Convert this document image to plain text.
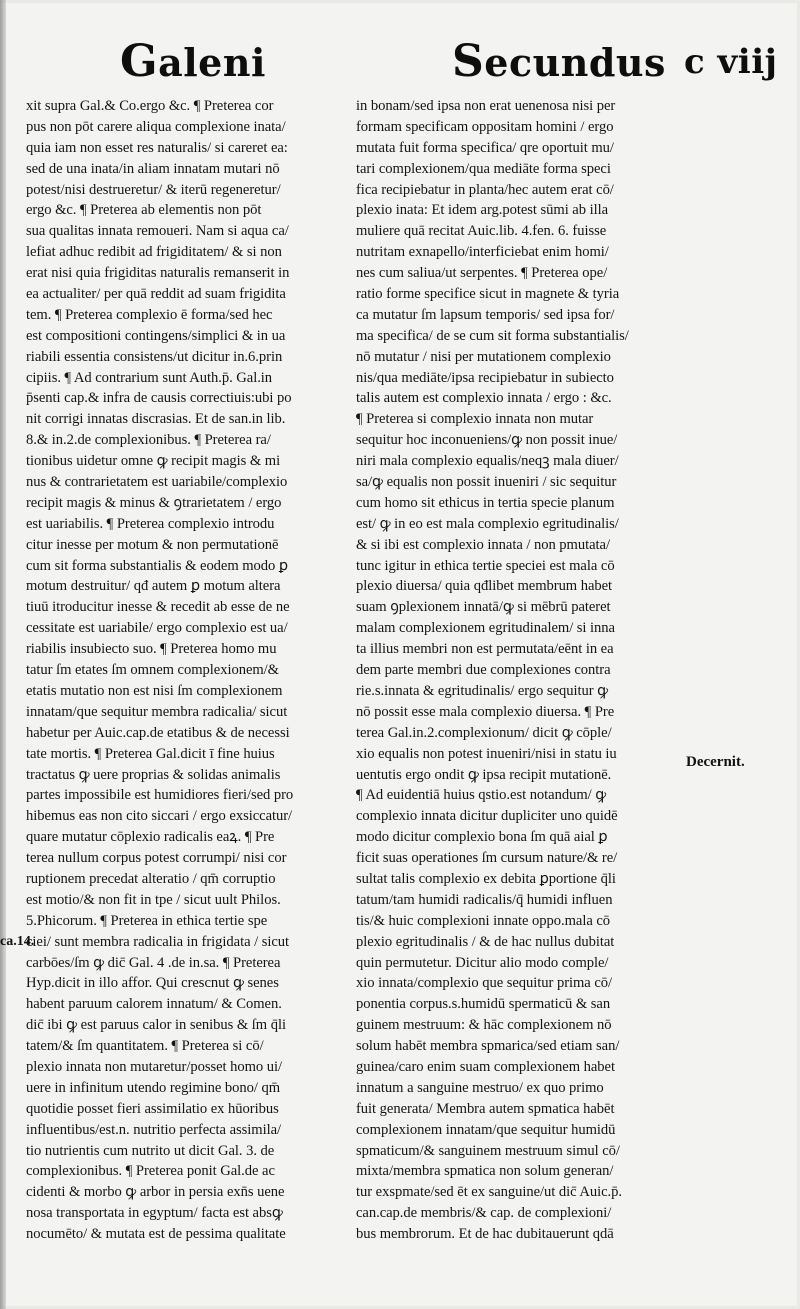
Galeni	Secundus c viij
xit supra Gal.& Co.ergo &c. ¶ Preterea cor
pus non pōt carere aliqua complexione inata/
quia iam non esset res naturalis/ si careret ea:
sed de una inata/in aliam innatam mutari nō
potest/nisi destrueretur/ & iterū regeneretur/
ergo &c. ¶ Preterea ab elementis non pōt
sua qualitas innata remoueri. Nam si aqua ca/
lefiat adhuc redibit ad frigiditatem/ & si non
erat nisi quia frigiditas naturalis remanserit in
ea actualiter/ per quā reddit ad suam frigidita
tem. ¶ Preterea complexio ē forma/sed hec
est compositioni contingens/simplici & in ua
riabili essentia consistens/ut dicitur in.6.prin
cipiis. ¶ Ad contrarium sunt Auth.p̄. Gal.in
p̄senti cap.& infra de causis correctiuis:ubi po
nit corrigi innatas discrasias. Et de san.in lib.
8.& in.2.de complexionibus. ¶ Preterea ra/
tionibus uidetur omne ꝙ recipit magis & mi
nus & contrarietatem est uariabile/complexio
recipit magis & minus & ꝯtrarietatem / ergo
est uariabilis. ¶ Preterea complexio introdu
citur inesse per motum & non permutationē
cum sit forma substantialis & eodem modo ꝑ
motum destruitur/ qđ autem ꝑ motum altera
tiuū itroducitur inesse & recedit ab esse de ne
cessitate est uariabile/ ergo complexio est ua/
riabilis insubiecto suo. ¶ Preterea homo mu
tatur ſm etates ſm omnem complexionem/&
etatis mutatio non est nisi ſm complexionem
innatam/que sequitur membra radicalia/ sicut
habetur per Auic.cap.de etatibus & de necessi
tate mortis. ¶ Preterea Gal.dicit ī fine huius
tractatus ꝙ uere proprias & solidas animalis
partes impossibile est humidiores fieri/sed pro
hibemus eas non cito siccari / ergo exsiccatur/
quare mutatur cōplexio radicalis eaꝝ. ¶ Pre
terea nullum corpus potest corrumpi/ nisi cor
ruptionem precedat alteratio / qm̄ corruptio
est motio/& non fit in tpe / sicut uult Philos.
5.Phicorum. ¶ Preterea in ethica tertie spe
ciei/ sunt membra radicalia in frigidata / sicut
carbōes/ſm ꝙ dic̄ Gal. 4 .de in.sa. ¶ Preterea
Hyp.dicit in illo affor. Qui crescnut ꝙ senes
habent paruum calorem innatum/ & Comen.
dic̄ ibi ꝙ est paruus calor in senibus & ſm q̄li
tatem/& ſm quantitatem. ¶ Preterea si cō/
plexio innata non mutaretur/posset homo ui/
uere in infinitum utendo regimine bono/ qm̄
quotidie posset fieri assimilatio ex hūoribus
influentibus/est.n. nutritio perfecta assimila/
tio nutrientis cum nutrito ut dicit Gal. 3. de
complexionibus. ¶ Preterea ponit Gal.de ac
cidenti & morbo ꝙ arbor in persia exn̄s uene
nosa transportata in egyptum/ facta est absꝙ
nocumēto/ & mutata est de pessima qualitate
in bonam/sed ipsa non erat uenenosa nisi per
formam specificam oppositam homini / ergo
mutata fuit forma specifica/ qre oportuit mu/
tari complexionem/qua mediāte forma speci
fica recipiebatur in planta/hec autem erat cō/
plexio inata: Et idem arg.potest sūmi ab illa
muliere quā recitat Auic.lib. 4.fen. 6. fuisse
nutritam exnapello/interficiebat enim homi/
nes cum saliua/ut serpentes. ¶ Preterea ope/
ratio forme specifice sicut in magnete & tyria
ca mutatur ſm lapsum temporis/ sed ipsa for/
ma specifica/ de se cum sit forma substantialis/
nō mutatur / nisi per mutationem complexio
nis/qua mediāte/ipsa recipiebatur in subiecto
talis autem est complexio innata / ergo : &c.
¶ Preterea si complexio innata non mutar
sequitur hoc inconueniens/ꝙ non possit inue/
niri mala complexio equalis/neqꝫ mala diuer/
sa/ꝙ equalis non possit inueniri / sic sequitur
cum homo sit ethicus in tertia specie planum
est/ ꝙ in eo est mala complexio egritudinalis/
& si ibi est complexio innata / non pmutata/
tunc igitur in ethica tertie speciei est mala cō
plexio diuersa/ quia qđlibet membrum habet
suam ꝯplexionem innatā/ꝙ si mēbrū pateret
malam complexionem egritudinalem/ si inna
ta illius membri non est permutata/eēnt in ea
dem parte membri due complexiones contra
rie.s.innata & egritudinalis/ ergo sequitur ꝙ
nō possit esse mala complexio diuersa. ¶ Pre
terea Gal.in.2.complexionum/ dicit ꝙ cōple/
xio equalis non potest inueniri/nisi in statu iu
uentutis ergo ondit ꝙ ipsa recipit mutationē.
¶ Ad euidentiā huius qstio.est notandum/ ꝙ
complexio innata dicitur dupliciter uno quidē
modo dicitur complexio bona ſm quā aial ꝑ
ficit suas operationes ſm cursum nature/& re/
sultat talis complexio ex debita ꝑportione q̄li
tatum/tam humidi radicalis/q̄ humidi influen
tis/& huic complexioni innate oppo.mala cō
plexio egritudinalis / & de hac nullus dubitat
quin permutetur. Dicitur alio modo comple/
xio innata/complexio que sequitur prima cō/
ponentia corpus.s.humidū spermaticū & san
guinem mestruum: & hāc complexionem nō
solum habēt membra spmarica/sed etiam san/
guinea/caro enim suam complexionem habet
innatum a sanguine mestruo/ ex quo primo
fuit generata/ Membra autem spmatica habēt
complexionem innatam/que sequitur humidū
spmaticum/& sanguinem mestruum simul cō/
mixta/membra spmatica non solum generan/
tur exspmate/sed ēt ex sanguine/ut dic̄ Auic.p̄.
can.cap.de membris/& cap. de complexioni/
bus membrorum. Et de hac dubitauerunt qdā
Decernit.
ca.14.
